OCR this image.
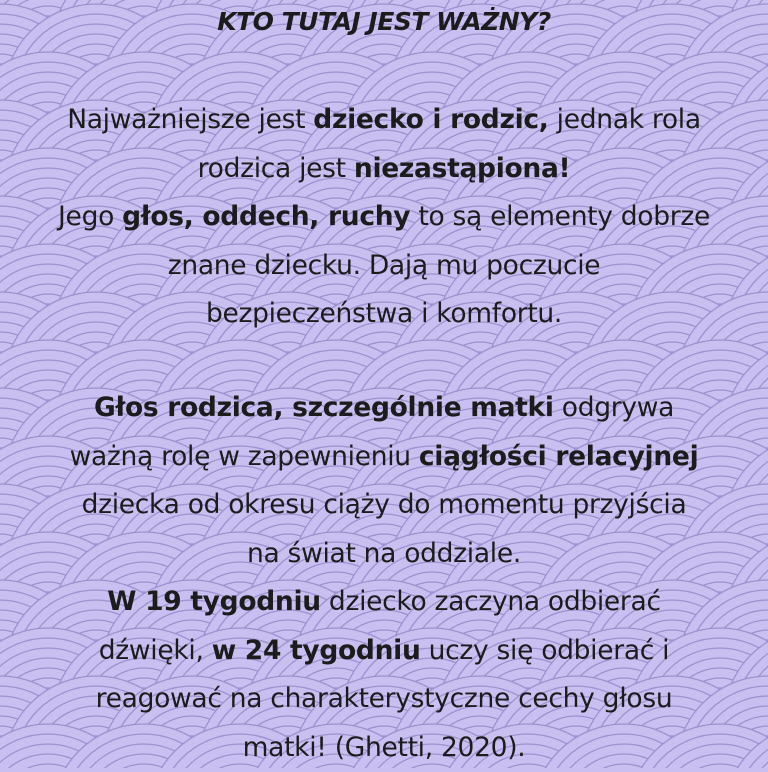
KTO TUTAJ JEST WAŻNY?

Najważniejsze jest dziecko i rodzic, jednak rola
rodzica jest niezastąpiona!
Jego głos, oddech, ruchy to są elementy dobrze
znane dziecku. Dają mu poczucie
bezpieczeństwa i komfortu.

Głos rodzica, szczególnie matki odgrywa
ważną rolę w zapewnieniu ciągłości relacyjnej
dziecka od okresu ciąży do momentu przyjścia
na świat na oddziale.
W 19 tygodniu dziecko zaczyna odbierać
dźwięki, w 24 tygodniu uczy się odbierać i
reagować na charakterystyczne cechy głosu
matki! (Ghetti, 2020).
